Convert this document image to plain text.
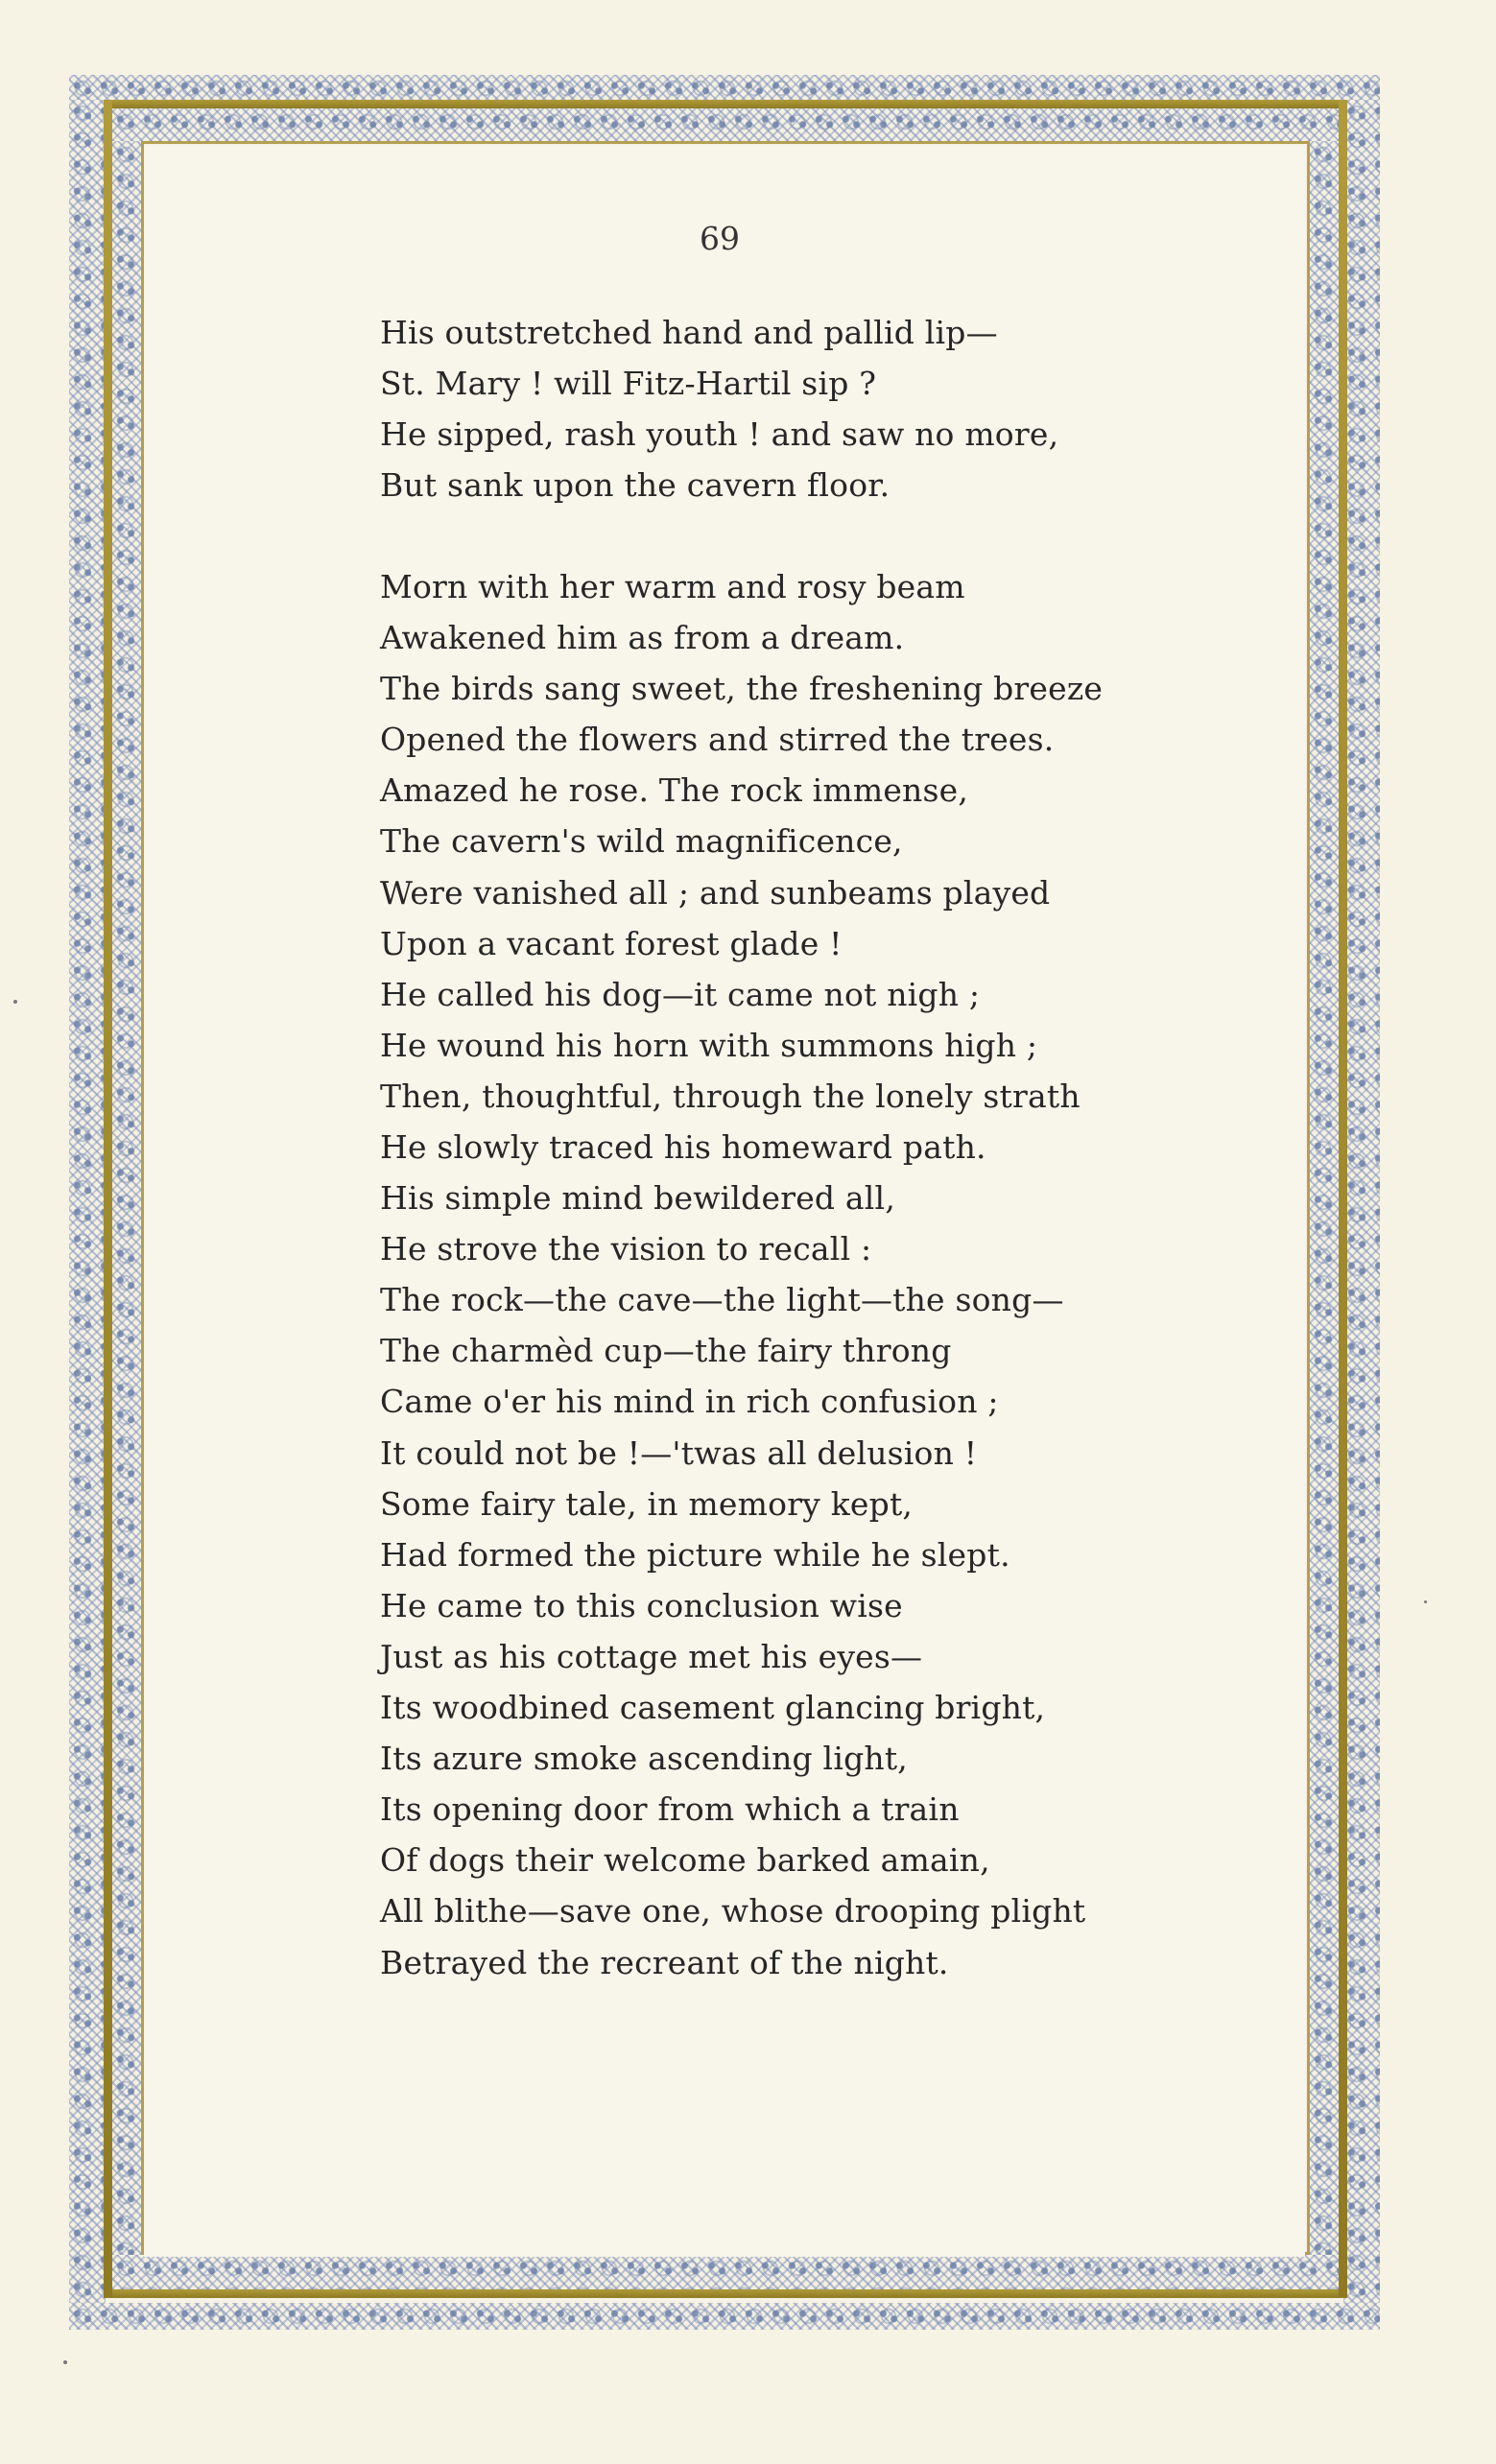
69

His outstretched hand and pallid lip—
St. Mary ! will Fitz-Hartil sip ?
He sipped, rash youth ! and saw no more,
But sank upon the cavern floor.
Morn with her warm and rosy beam
Awakened him as from a dream.
The birds sang sweet, the freshening breeze
Opened the flowers and stirred the trees.
Amazed he rose. The rock immense,
The cavern's wild magnificence,
Were vanished all ; and sunbeams played
Upon a vacant forest glade !
He called his dog—it came not nigh ;
He wound his horn with summons high ;
Then, thoughtful, through the lonely strath
He slowly traced his homeward path.
His simple mind bewildered all,
He strove the vision to recall :
The rock—the cave—the light—the song—
The charmèd cup—the fairy throng
Came o'er his mind in rich confusion ;
It could not be !—'twas all delusion !
Some fairy tale, in memory kept,
Had formed the picture while he slept.
He came to this conclusion wise
Just as his cottage met his eyes—
Its woodbined casement glancing bright,
Its azure smoke ascending light,
Its opening door from which a train
Of dogs their welcome barked amain,
All blithe—save one, whose drooping plight
Betrayed the recreant of the night.
